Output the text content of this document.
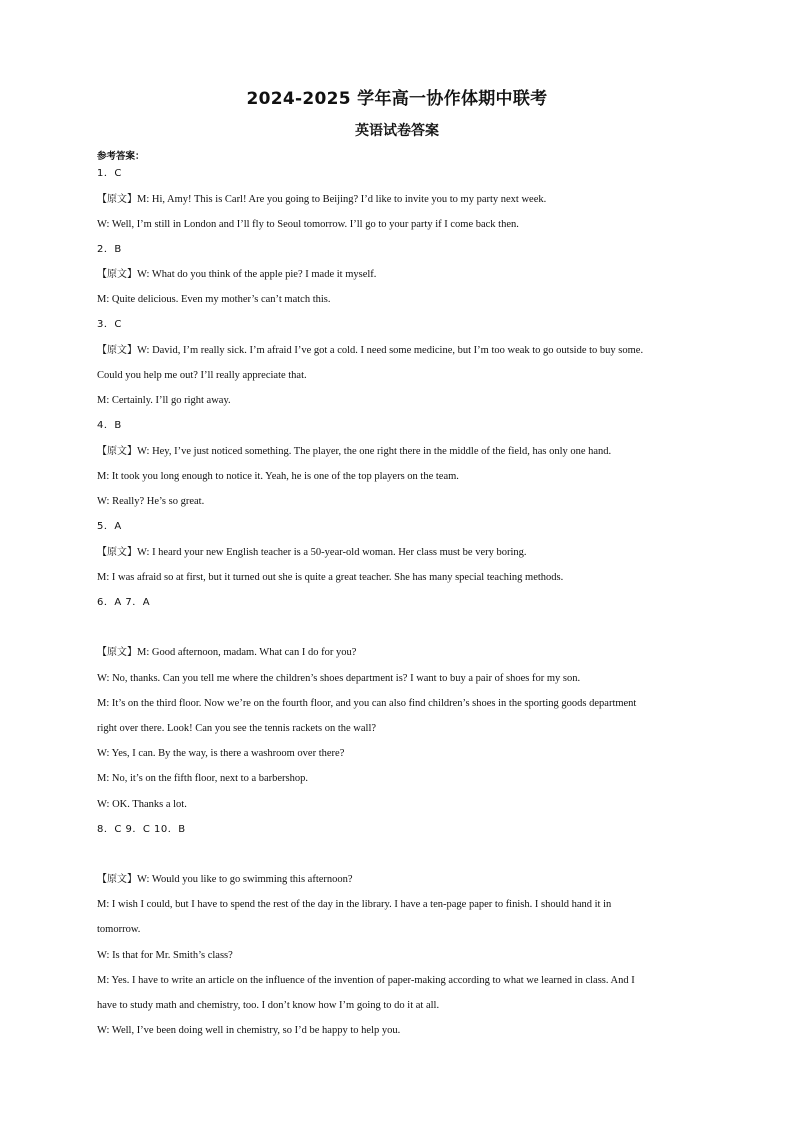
2024-2025 学年高一协作体期中联考
英语试卷答案
参考答案：
1．C
【原文】M: Hi, Amy! This is Carl! Are you going to Beijing? I’d like to invite you to my party next week.
W: Well, I’m still in London and I’ll fly to Seoul tomorrow. I’ll go to your party if I come back then.
2．B
【原文】W: What do you think of the apple pie? I made it myself.
M: Quite delicious. Even my mother’s can’t match this.
3．C
【原文】W: David, I’m really sick. I’m afraid I’ve got a cold. I need some medicine, but I’m too weak to go outside to buy some.
Could you help me out? I’ll really appreciate that.
M: Certainly. I’ll go right away.
4．B
【原文】W: Hey, I’ve just noticed something. The player, the one right there in the middle of the field, has only one hand.
M: It took you long enough to notice it. Yeah, he is one of the top players on the team.
W: Really? He’s so great.
5．A
【原文】W: I heard your new English teacher is a 50-year-old woman. Her class must be very boring.
M: I was afraid so at first, but it turned out she is quite a great teacher. She has many special teaching methods.
6．A 7．A
【原文】M: Good afternoon, madam. What can I do for you?
W: No, thanks. Can you tell me where the children’s shoes department is? I want to buy a pair of shoes for my son.
M: It’s on the third floor. Now we’re on the fourth floor, and you can also find children’s shoes in the sporting goods department
right over there. Look! Can you see the tennis rackets on the wall?
W: Yes, I can. By the way, is there a washroom over there?
M: No, it’s on the fifth floor, next to a barbershop.
W: OK. Thanks a lot.
8．C 9．C 10．B
【原文】W: Would you like to go swimming this afternoon?
M: I wish I could, but I have to spend the rest of the day in the library. I have a ten-page paper to finish. I should hand it in
tomorrow.
W: Is that for Mr. Smith’s class?
M: Yes. I have to write an article on the influence of the invention of paper-making according to what we learned in class. And I
have to study math and chemistry, too. I don’t know how I’m going to do it at all.
W: Well, I’ve been doing well in chemistry, so I’d be happy to help you.
